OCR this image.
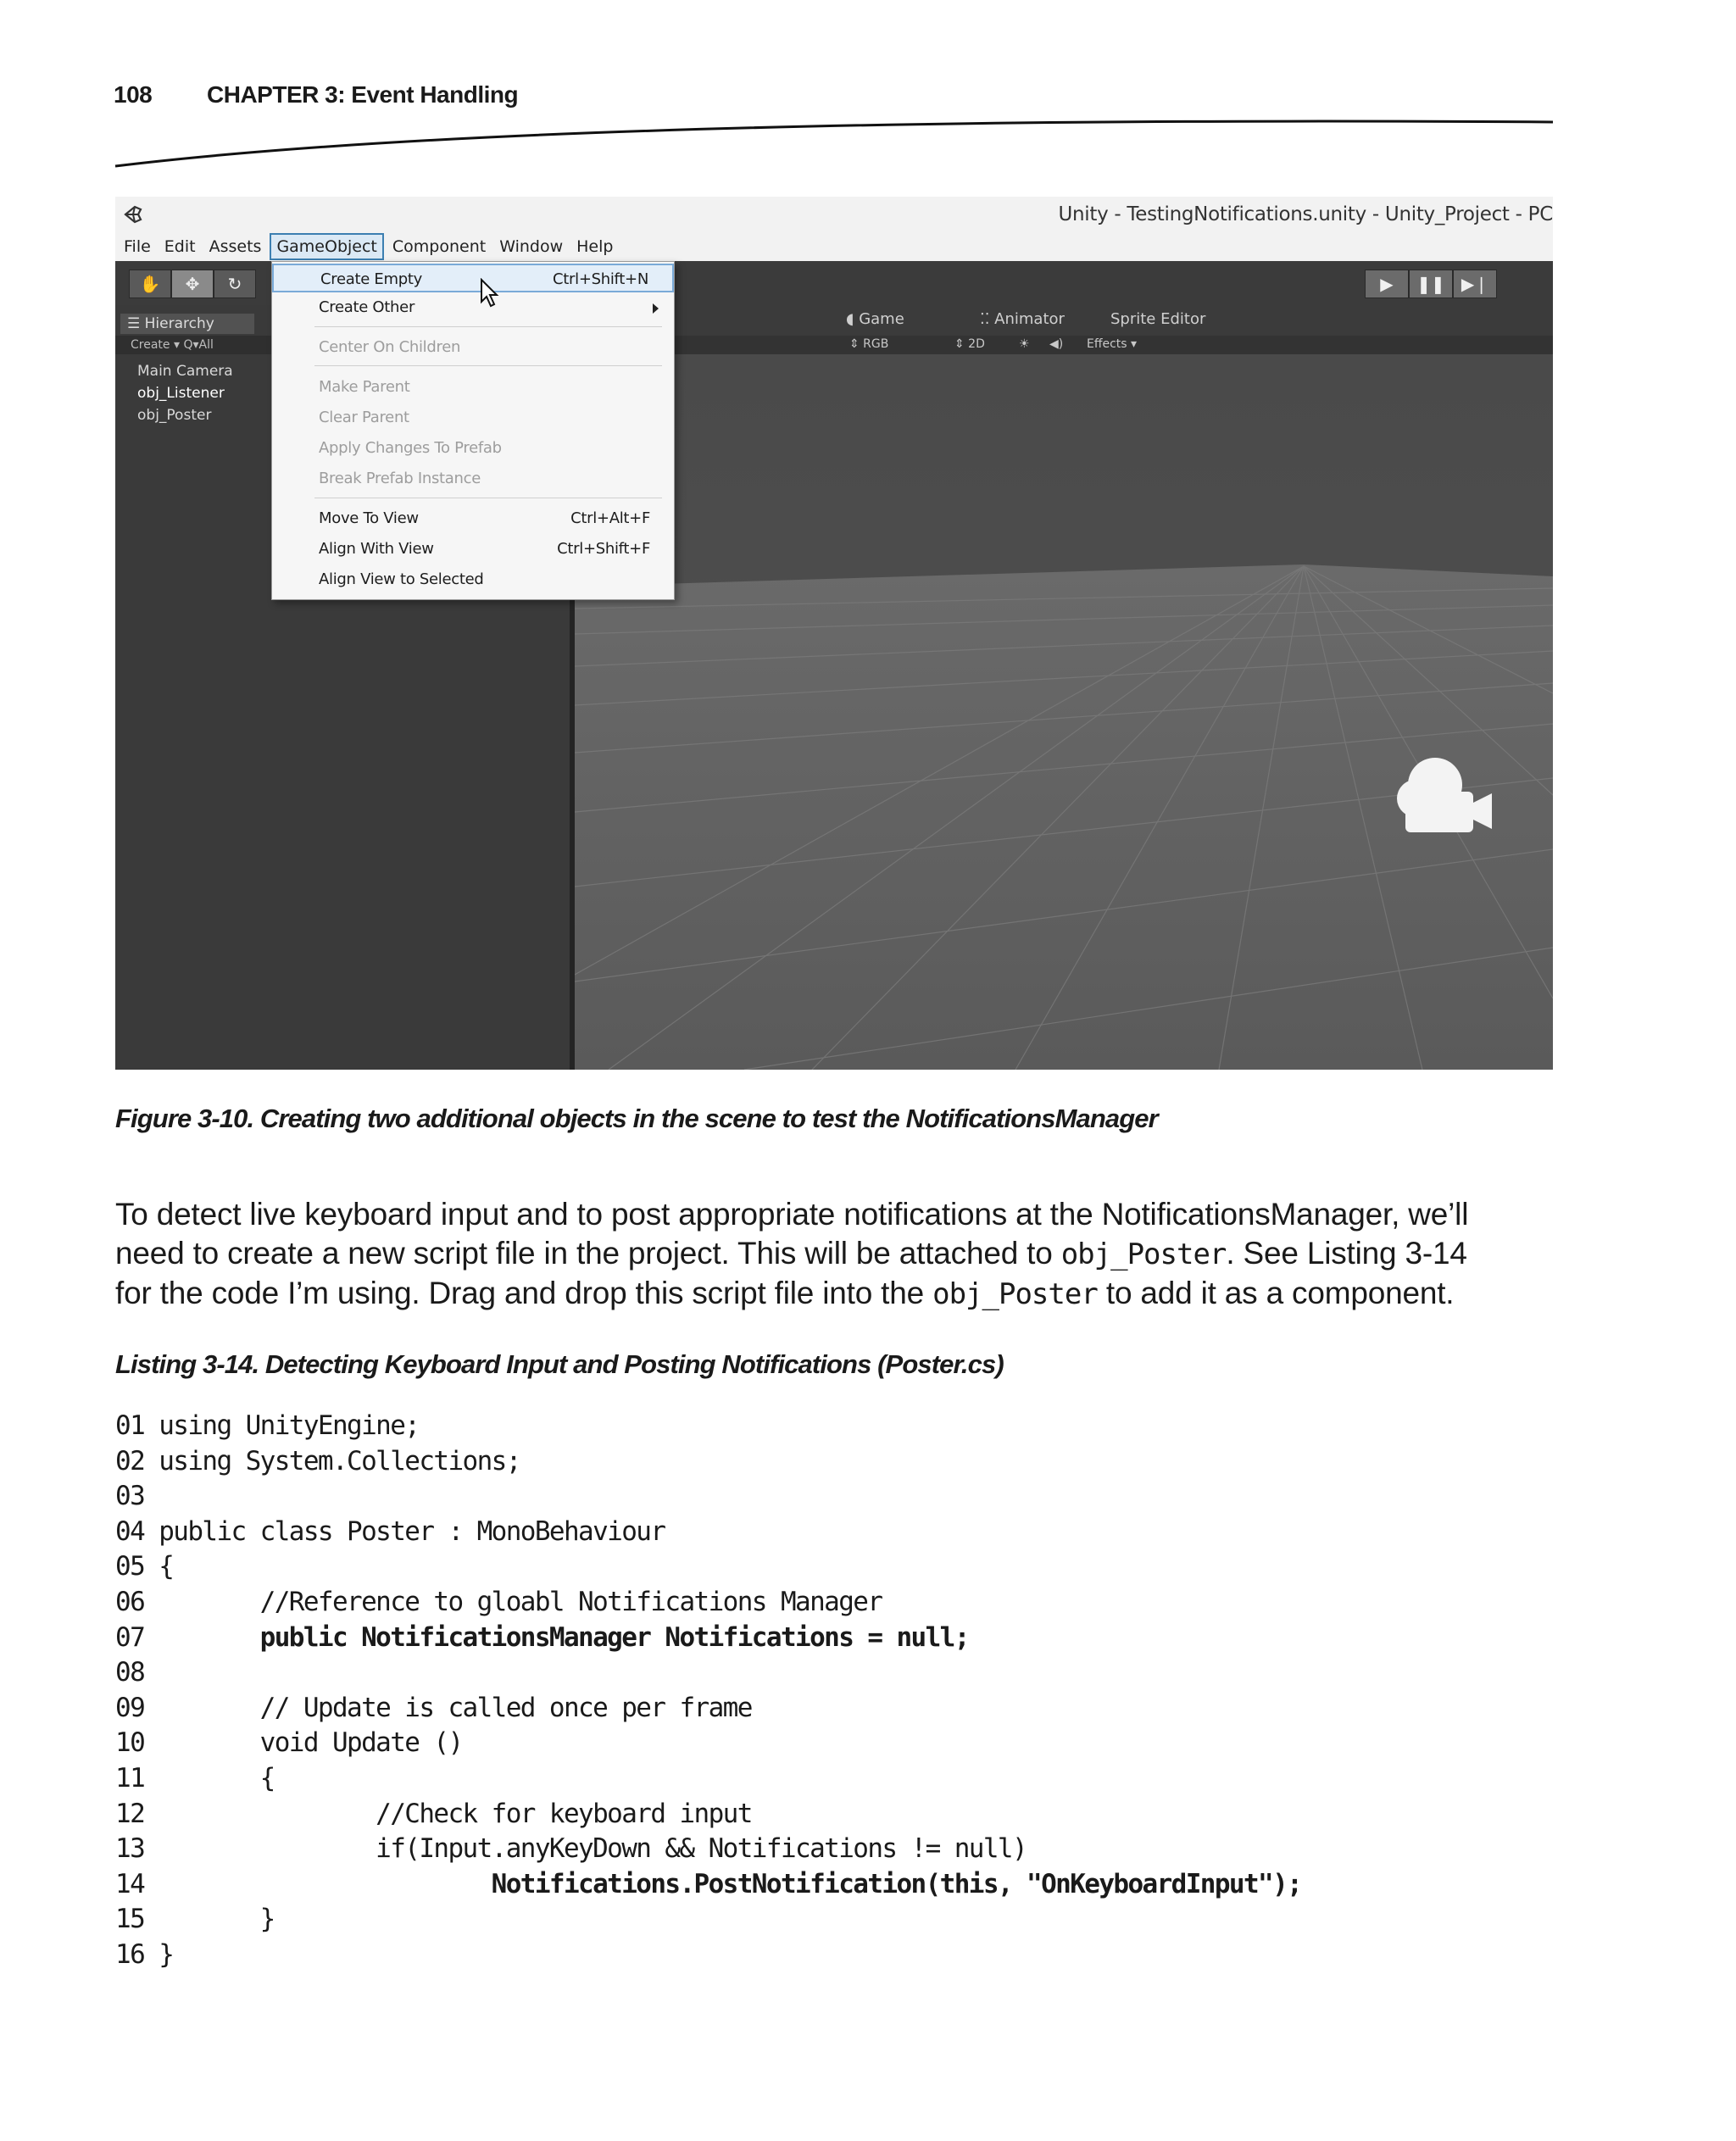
108	CHAPTER 3: Event Handling
Unity - TestingNotifications.unity - Unity_Project - PC
File Edit Assets GameObject Component Window Help
✋	✥	↻	▶	❚❚ ▶❘
☰ Hierarchy
Create ▾ Q▾All
Main Camera
obj_Listener
obj_Poster
◖ Game	⁚⁚ Animator	Sprite Editor
⇕ RGB	⇕ 2D	☀ ◀) Effects ▾
Create Empty	Ctrl+Shift+N
Create Other
Center On Children
Make Parent
Clear Parent
Apply Changes To Prefab
Break Prefab Instance
Move To View	Ctrl+Alt+F
Align With View	Ctrl+Shift+F
Align View to Selected
Figure 3-10. Creating two additional objects in the scene to test the NotificationsManager
To detect live keyboard input and to post appropriate notifications at the NotificationsManager, we’ll
need to create a new script file in the project. This will be attached to obj_Poster. See Listing 3-14
for the code I’m using. Drag and drop this script file into the obj_Poster to add it as a component.
Listing 3-14. Detecting Keyboard Input and Posting Notifications (Poster.cs)
01 using UnityEngine;
02 using System.Collections;
03
04 public class Poster : MonoBehaviour
05 {
06        //Reference to gloabl Notifications Manager
07        public NotificationsManager Notifications = null;
08
09        // Update is called once per frame
10        void Update ()
11        {
12                //Check for keyboard input
13                if(Input.anyKeyDown && Notifications != null)
14                        Notifications.PostNotification(this, "OnKeyboardInput");
15        }
16 }
